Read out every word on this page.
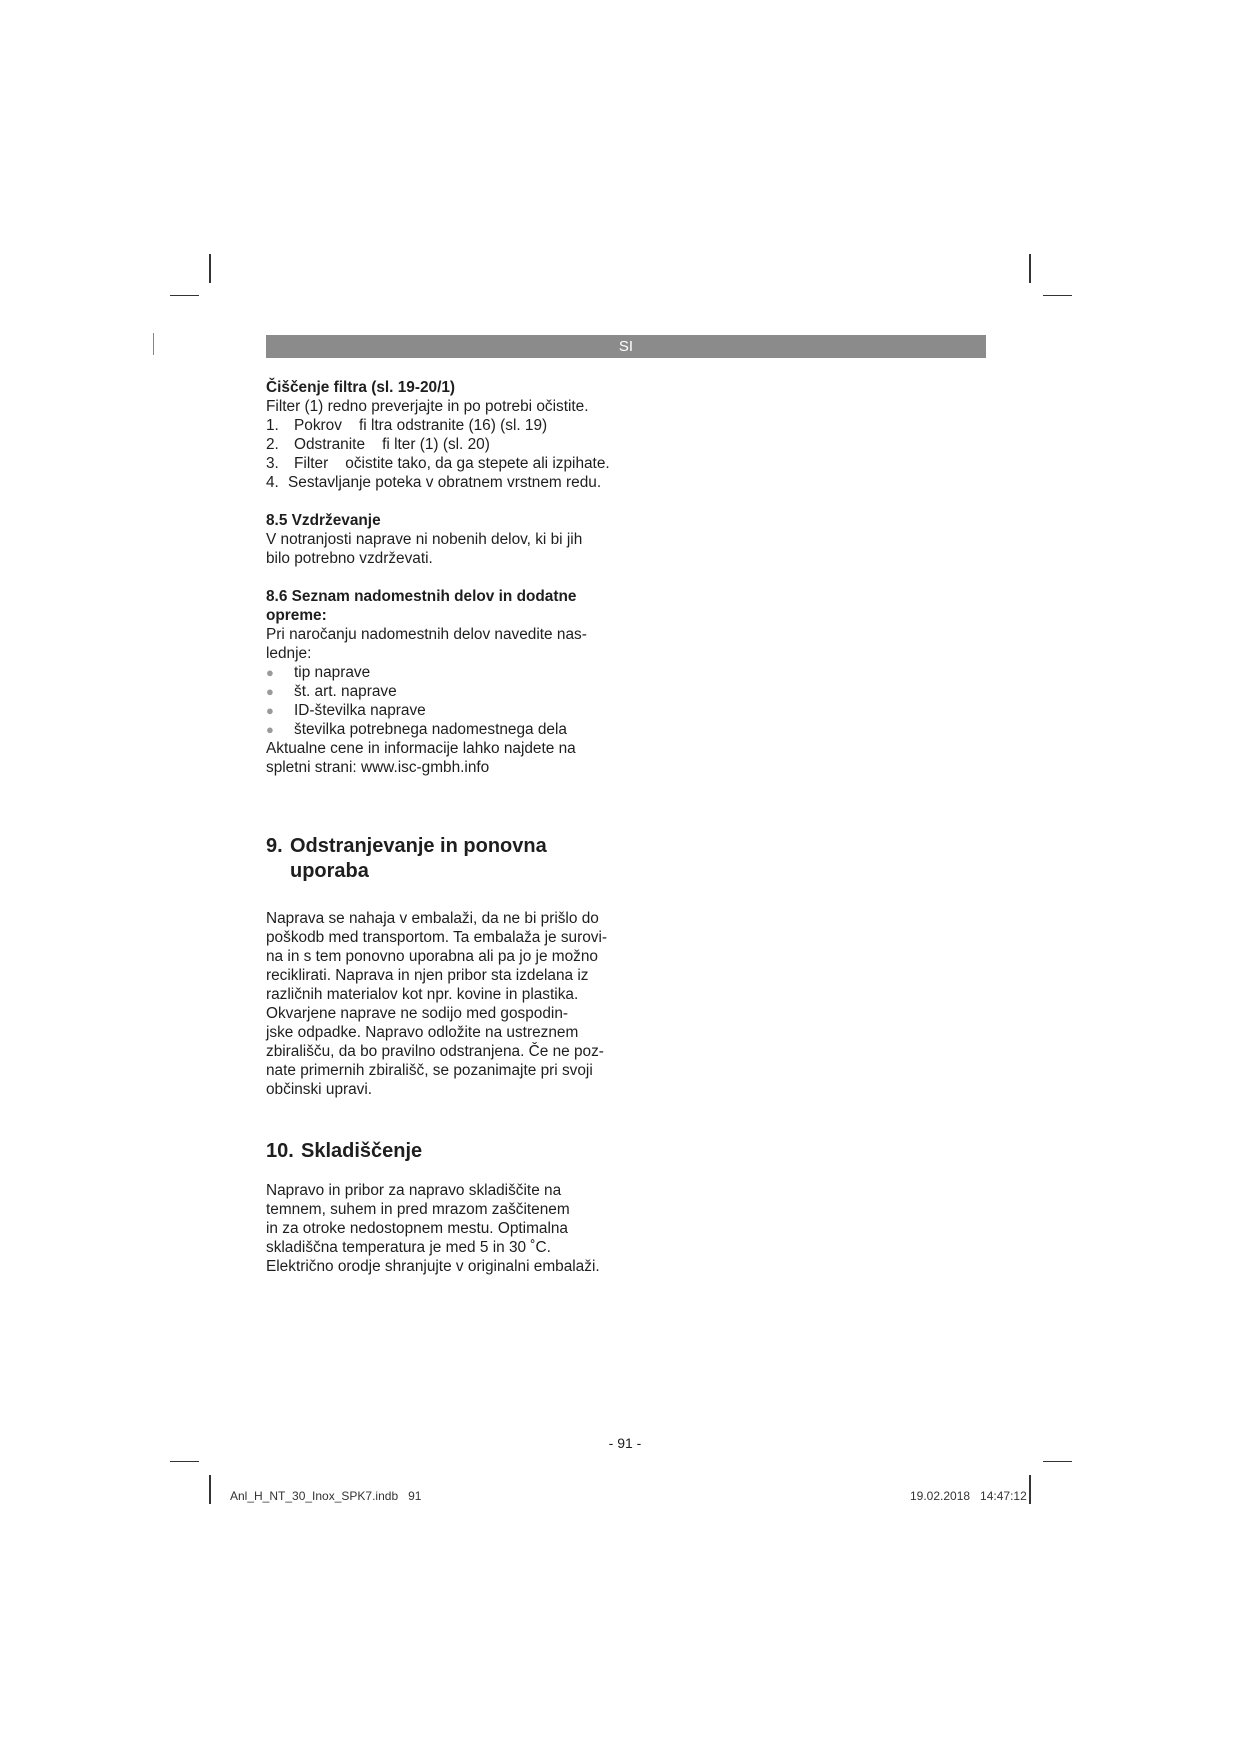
SI

Čiščenje filtra (sl. 19-20/1)

Filter (1) redno preverjajte in po potrebi očistite.

1. Pokrov    fi ltra odstranite (16) (sl. 19)
2. Odstranite    fi lter (1) (sl. 20)
3. Filter    očistite tako, da ga stepete ali izpihate.
4. Sestavljanje poteka v obratnem vrstnem redu.

8.5 Vzdrževanje

V notranjosti naprave ni nobenih delov, ki bi jih

bilo potrebno vzdrževati.

8.6 Seznam nadomestnih delov in dodatne

opreme:

Pri naročanju nadomestnih delov navedite nas-

lednje:

●	tip naprave
●	št. art. naprave
●	ID-številka naprave
●	številka potrebnega nadomestnega dela

Aktualne cene in informacije lahko najdete na

spletni strani: www.isc-gmbh.info

9. Odstranjevanje in ponovna
uporaba

Naprava se nahaja v embalaži, da ne bi prišlo do

poškodb med transportom. Ta embalaža je surovi-

na in s tem ponovno uporabna ali pa jo je možno

reciklirati. Naprava in njen pribor sta izdelana iz

različnih materialov kot npr. kovine in plastika.

Okvarjene naprave ne sodijo med gospodin-

jske odpadke. Napravo odložite na ustreznem

zbirališču, da bo pravilno odstranjena. Če ne poz-

nate primernih zbirališč, se pozanimajte pri svoji

občinski upravi.

10. Skladiščenje

Napravo in pribor za napravo skladiščite na

temnem, suhem in pred mrazom zaščitenem

in za otroke nedostopnem mestu. Optimalna

skladiščna temperatura je med 5 in 30 ˚C.

Električno orodje shranjujte v originalni embalaži.

- 91 -
Anl_H_NT_30_Inox_SPK7.indb   91	19.02.2018   14:47:12
